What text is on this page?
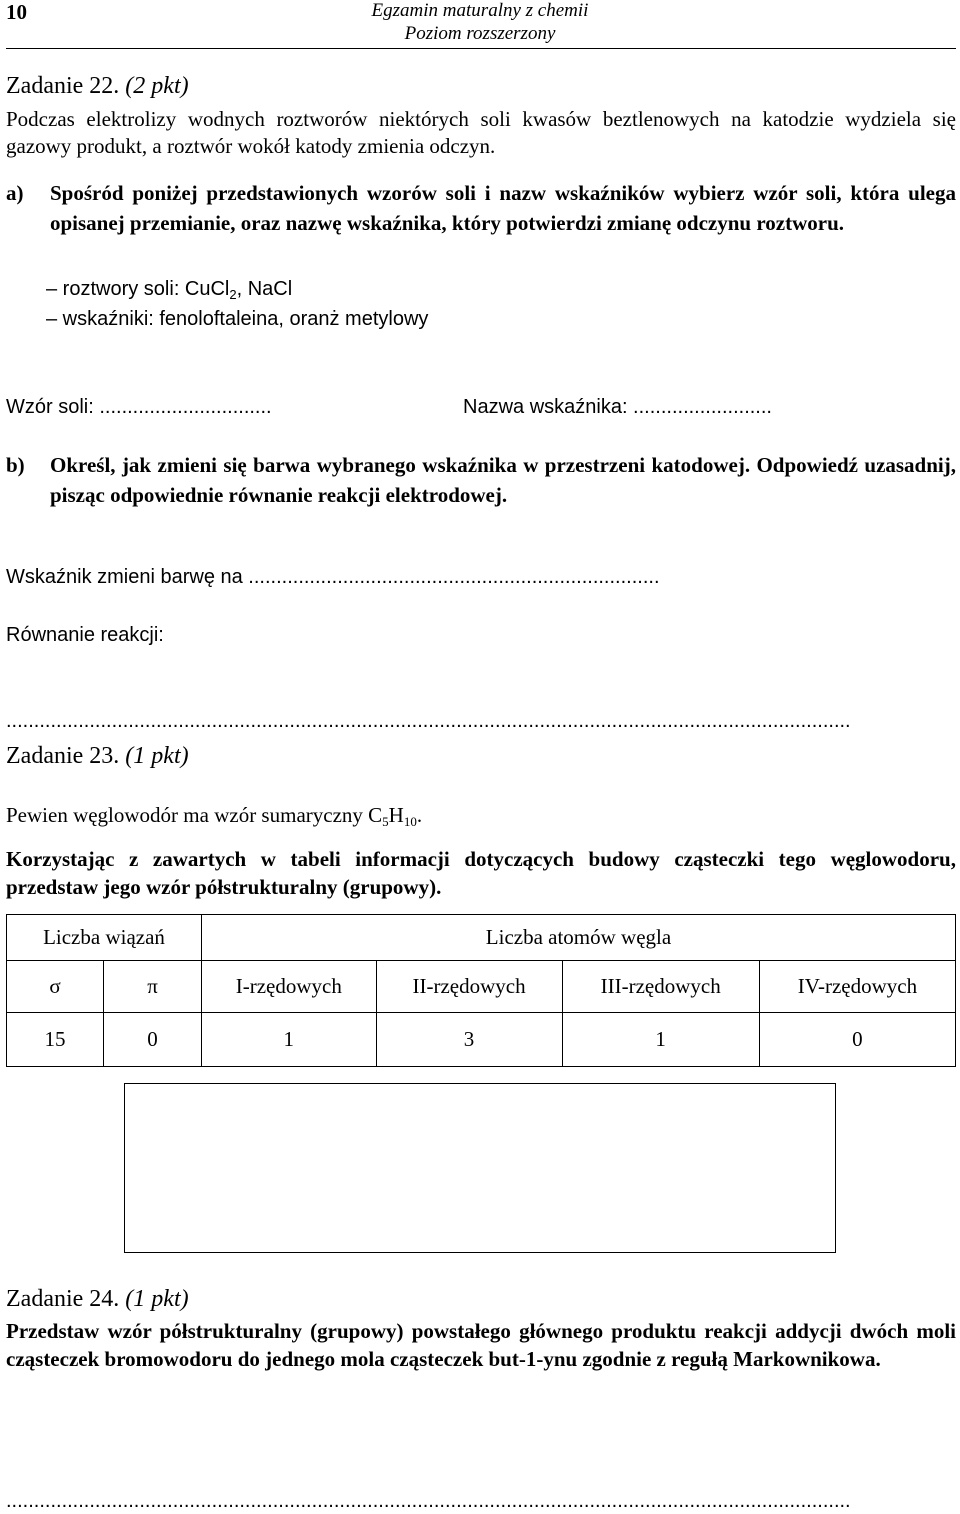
10	Egzamin maturalny z chemii
Poziom rozszerzony
Zadanie 22. (2 pkt)
Podczas elektrolizy wodnych roztworów niektórych soli kwasów beztlenowych na katodzie wydziela się gazowy produkt, a roztwór wokół katody zmienia odczyn.
a) Spośród poniżej przedstawionych wzorów soli i nazw wskaźników wybierz wzór soli, która ulega opisanej przemianie, oraz nazwę wskaźnika, który potwierdzi zmianę odczynu roztworu.
– roztwory soli: CuCl$_2$, NaCl
– wskaźniki: fenoloftaleina, oranż metylowy
Wzór soli: ...............................	Nazwa wskaźnika: .........................
b) Określ, jak zmieni się barwa wybranego wskaźnika w przestrzeni katodowej. Odpowiedź uzasadnij, pisząc odpowiednie równanie reakcji elektrodowej.
Wskaźnik zmieni barwę na ..........................................................................
Równanie reakcji:
........................................................................................................................................................
Zadanie 23. (1 pkt)
Pewien węglowodór ma wzór sumaryczny $C_5H_{10}$.
Korzystając z zawartych w tabeli informacji dotyczących budowy cząsteczki tego węglowodoru, przedstaw jego wzór półstrukturalny (grupowy).
Liczba wiązań		Liczba atomów węgla			
σ	π	I-rzędowych	II-rzędowych	III-rzędowych	IV-rzędowych
15	0	1	3	1	0
Zadanie 24. (1 pkt)
Przedstaw wzór półstrukturalny (grupowy) powstałego głównego produktu reakcji addycji dwóch moli cząsteczek bromowodoru do jednego mola cząsteczek but-1-ynu zgodnie z regułą Markownikowa.
........................................................................................................................................................
